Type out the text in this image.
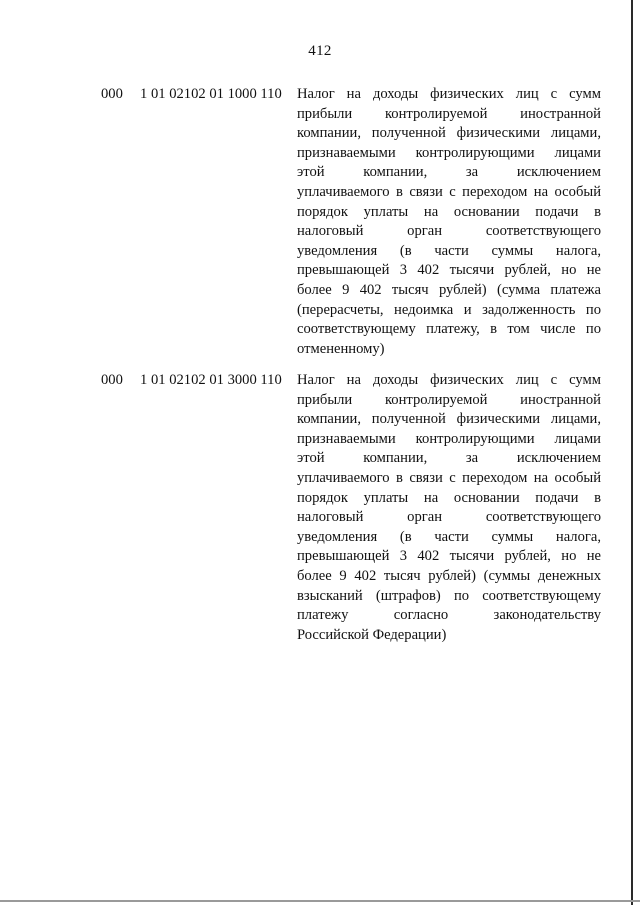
412
000	1 01 02102 01 1000 110	Налог на доходы физических лиц с сумм
прибыли контролируемой иностранной
компании, полученной физическими лицами,
признаваемыми контролирующими лицами
этой компании, за исключением
уплачиваемого в связи с переходом на особый
порядок уплаты на основании подачи в
налоговый орган соответствующего
уведомления (в части суммы налога,
превышающей 3 402 тысячи рублей, но не
более 9 402 тысяч рублей) (сумма платежа
(перерасчеты, недоимка и задолженность по
соответствующему платежу, в том числе по
отмененному)
000	1 01 02102 01 3000 110	Налог на доходы физических лиц с сумм
прибыли контролируемой иностранной
компании, полученной физическими лицами,
признаваемыми контролирующими лицами
этой компании, за исключением
уплачиваемого в связи с переходом на особый
порядок уплаты на основании подачи в
налоговый орган соответствующего
уведомления (в части суммы налога,
превышающей 3 402 тысячи рублей, но не
более 9 402 тысяч рублей) (суммы денежных
взысканий (штрафов) по соответствующему
платежу согласно законодательству
Российской Федерации)
